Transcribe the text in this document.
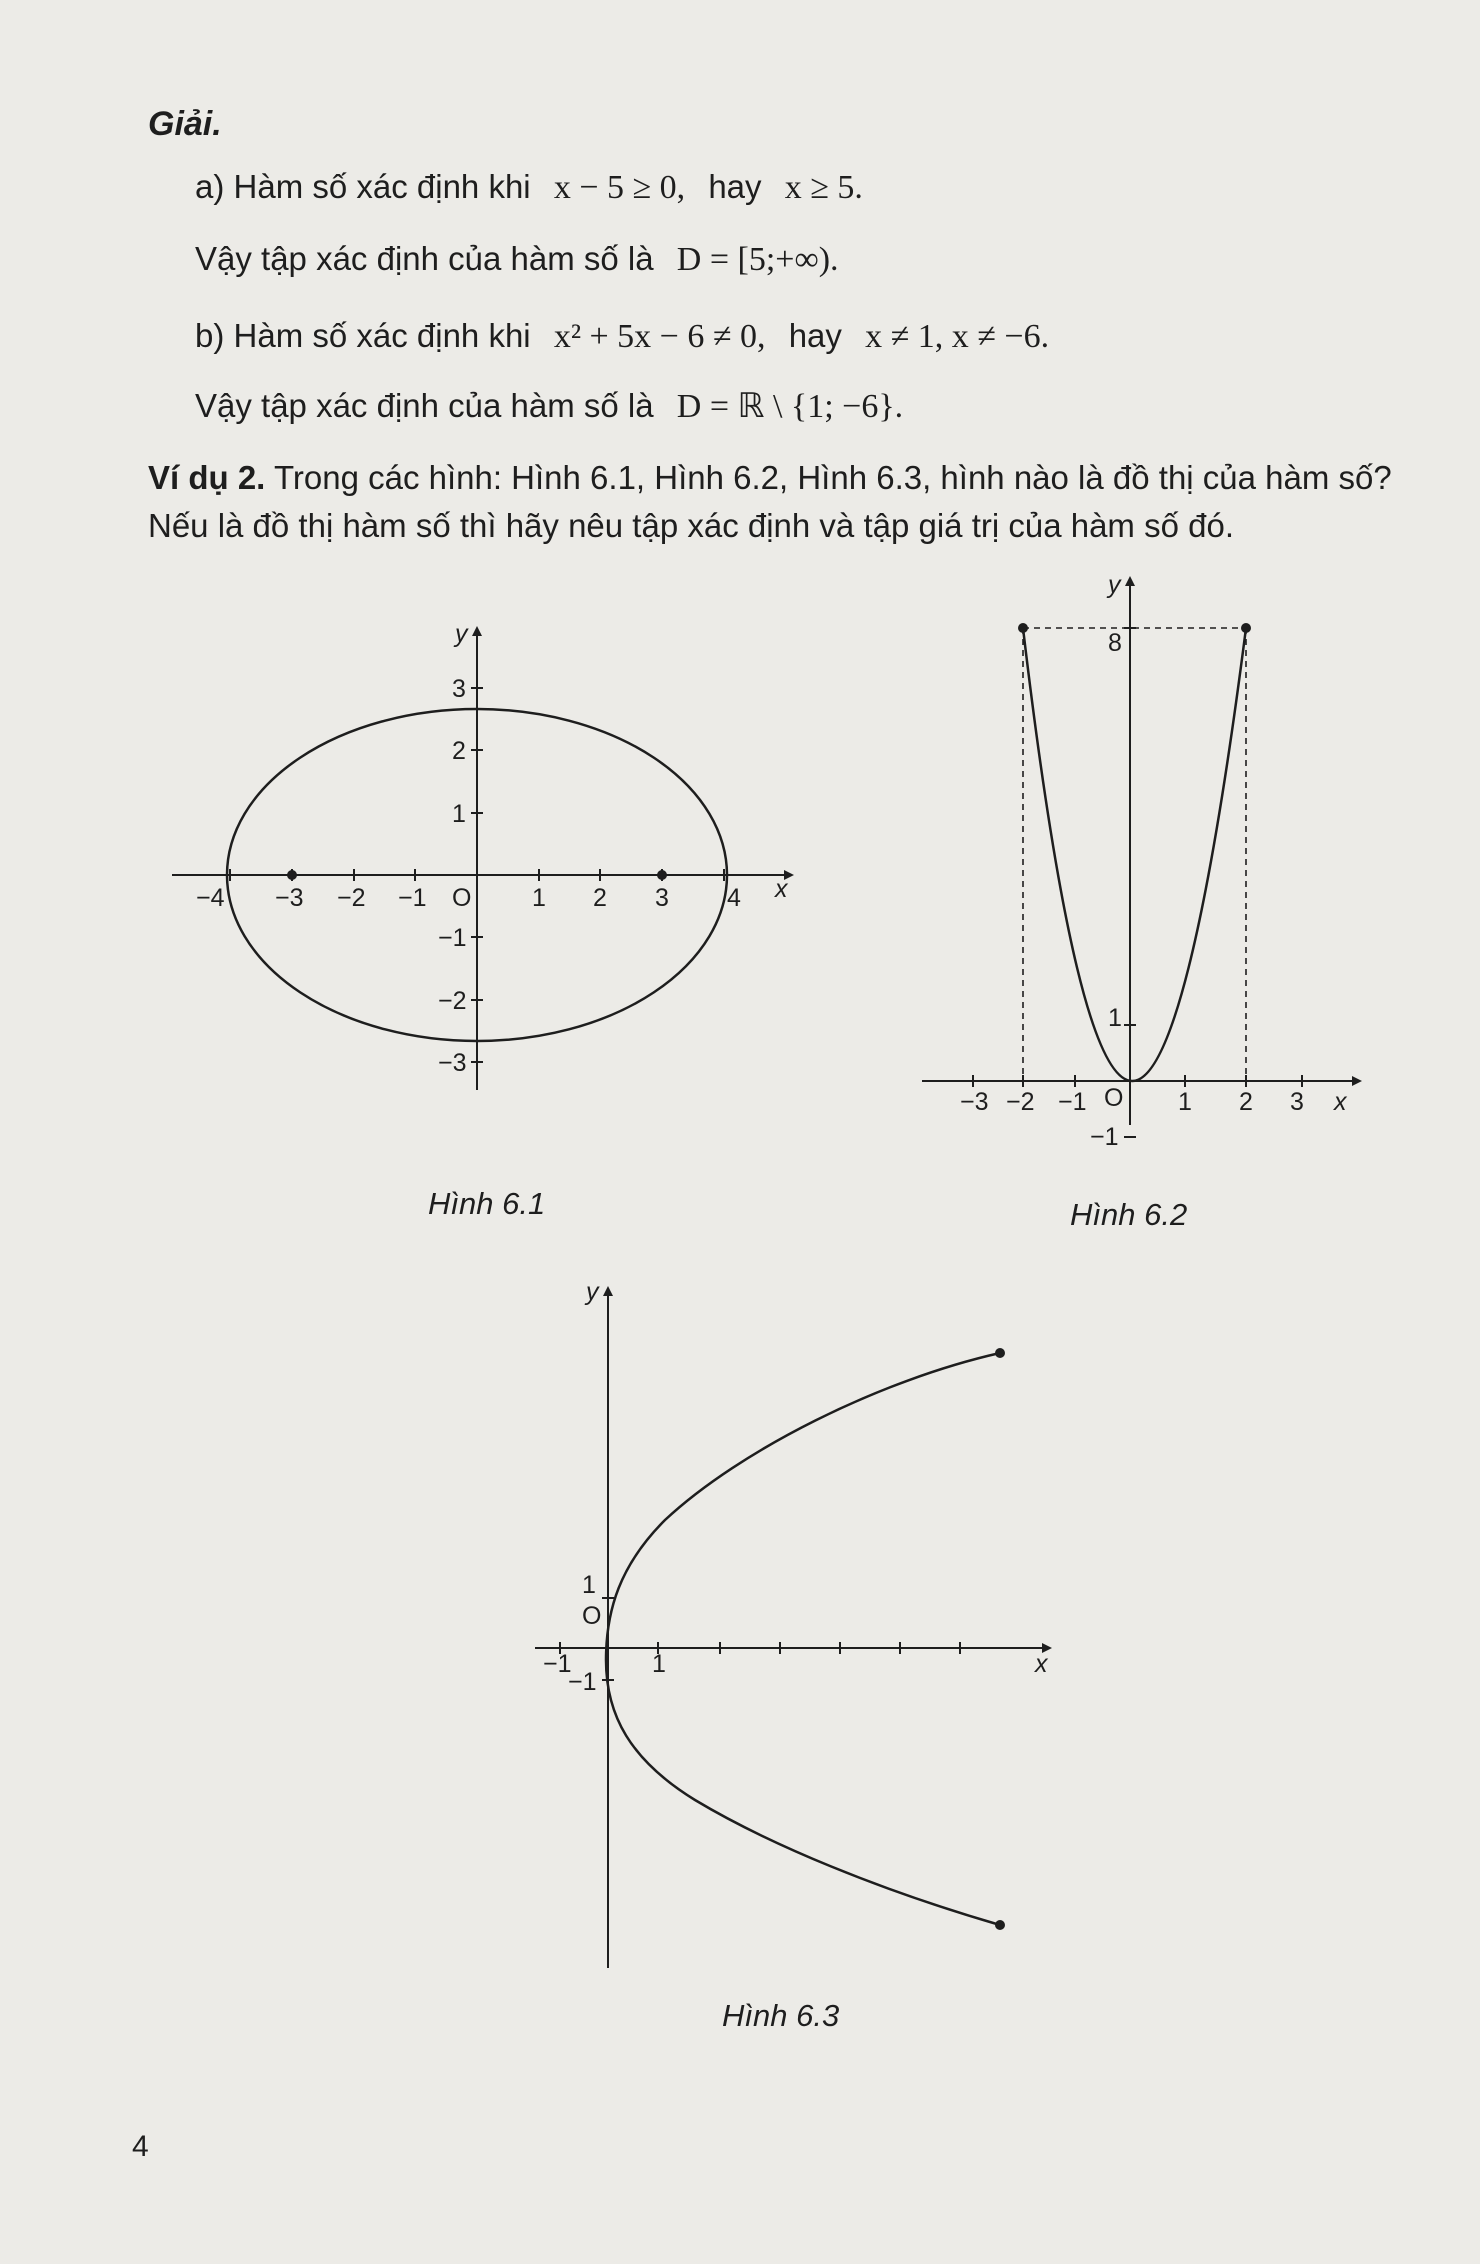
Giải.
a) Hàm số xác định khi x − 5 ≥ 0, hay x ≥ 5.
Vậy tập xác định của hàm số là D = [5;+∞).
b) Hàm số xác định khi x² + 5x − 6 ≠ 0, hay x ≠ 1, x ≠ −6.
Vậy tập xác định của hàm số là D = ℝ \ {1; −6}.
Ví dụ 2. Trong các hình: Hình 6.1, Hình 6.2, Hình 6.3, hình nào là đồ thị của hàm số?
Nếu là đồ thị hàm số thì hãy nêu tập xác định và tập giá trị của hàm số đó.
−4 −3 −2 −1	1 2 3 4
3
2
1
−1
−2
−3
O	x
y
−3 −2 −1	1 2 3
8
1
−1
O	x
y
−1	1
1
−1
O
x
y
Hình 6.1	Hình 6.2
Hình 6.3
4
